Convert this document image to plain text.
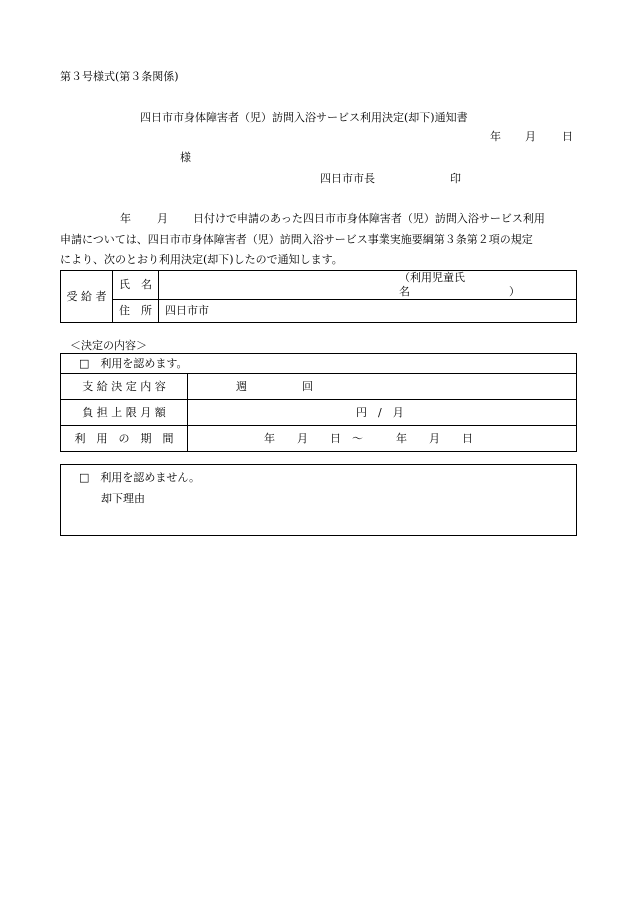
第３号様式(第３条関係)
四日市市身体障害者（児）訪問入浴サービス利用決定(却下)通知書
年 月 日
様
四日市市長	印
年 月 日付けで申請のあった四日市市身体障害者（児）訪問入浴サービス利用
申請については、四日市市身体障害者（児）訪問入浴サービス事業実施要綱第３条第２項の規定
により、次のとおり利用決定(却下)したので通知します。
受 給 者	氏　名	（利用児童氏名　　　　　　　　　）
	住　所	四日市市
＜決定の内容＞
□　利用を認めます。	
支 給 決 定 内 容	週　　　　　回
負 担 上 限 月 額	円　/　月
利　用　の　期　間	年　　月　　日　～　　　年　　月　　日
□　利用を認めません。
却下理由
